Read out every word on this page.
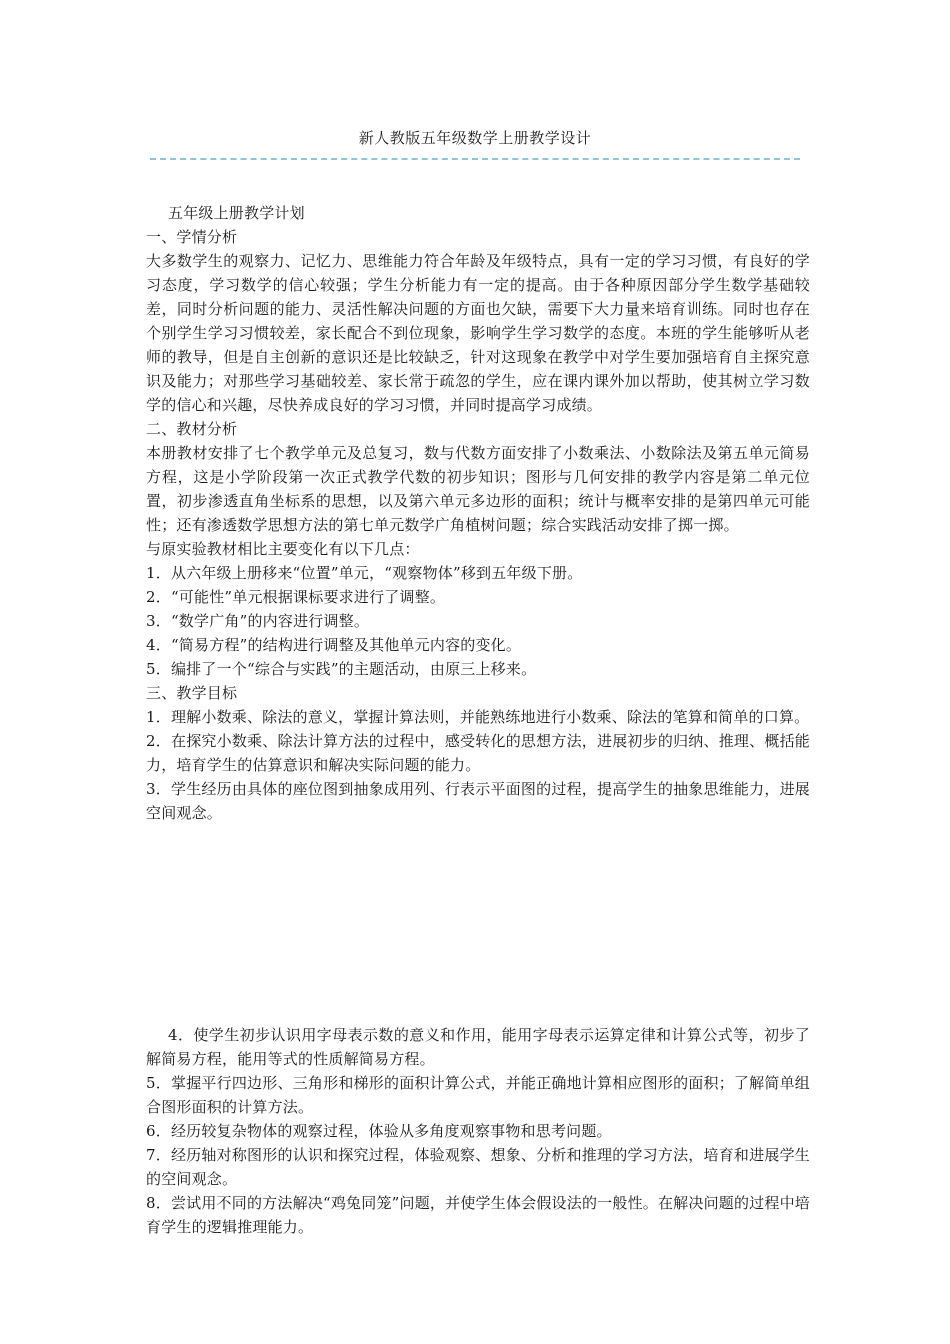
新人教版五年级数学上册教学设计

五年级上册教学计划

一、学情分析

大多数学生的观察力、记忆力、思维能力符合年龄及年级特点，具有一定的学习习惯，有良好的学习态度，学习数学的信心较强；学生分析能力有一定的提高。由于各种原因部分学生数学基础较差，同时分析问题的能力、灵活性解决问题的方面也欠缺，需要下大力量来培育训练。同时也存在个别学生学习习惯较差，家长配合不到位现象，影响学生学习数学的态度。本班的学生能够听从老师的教导，但是自主创新的意识还是比较缺乏，针对这现象在教学中对学生要加强培育自主探究意识及能力；对那些学习基础较差、家长常于疏忽的学生，应在课内课外加以帮助，使其树立学习数学的信心和兴趣，尽快养成良好的学习习惯，并同时提高学习成绩。

二、教材分析

本册教材安排了七个教学单元及总复习，数与代数方面安排了小数乘法、小数除法及第五单元简易方程，这是小学阶段第一次正式教学代数的初步知识；图形与几何安排的教学内容是第二单元位置，初步渗透直角坐标系的思想，以及第六单元多边形的面积；统计与概率安排的是第四单元可能性；还有渗透数学思想方法的第七单元数学广角植树问题；综合实践活动安排了掷一掷。

与原实验教材相比主要变化有以下几点：

1．从六年级上册移来“位置”单元，“观察物体”移到五年级下册。

2．“可能性”单元根据课标要求进行了调整。

3．“数学广角”的内容进行调整。

4．“简易方程”的结构进行调整及其他单元内容的变化。

5．编排了一个“综合与实践”的主题活动，由原三上移来。

三、教学目标

1．理解小数乘、除法的意义，掌握计算法则，并能熟练地进行小数乘、除法的笔算和简单的口算。

2．在探究小数乘、除法计算方法的过程中，感受转化的思想方法，进展初步的归纳、推理、概括能力，培育学生的估算意识和解决实际问题的能力。

3．学生经历由具体的座位图到抽象成用列、行表示平面图的过程，提高学生的抽象思维能力，进展空间观念。

4．使学生初步认识用字母表示数的意义和作用，能用字母表示运算定律和计算公式等，初步了解简易方程，能用等式的性质解简易方程。

5．掌握平行四边形、三角形和梯形的面积计算公式，并能正确地计算相应图形的面积；了解简单组合图形面积的计算方法。

6．经历较复杂物体的观察过程，体验从多角度观察事物和思考问题。

7．经历轴对称图形的认识和探究过程，体验观察、想象、分析和推理的学习方法，培育和进展学生的空间观念。

8．尝试用不同的方法解决“鸡兔同笼”问题，并使学生体会假设法的一般性。在解决问题的过程中培育学生的逻辑推理能力。
